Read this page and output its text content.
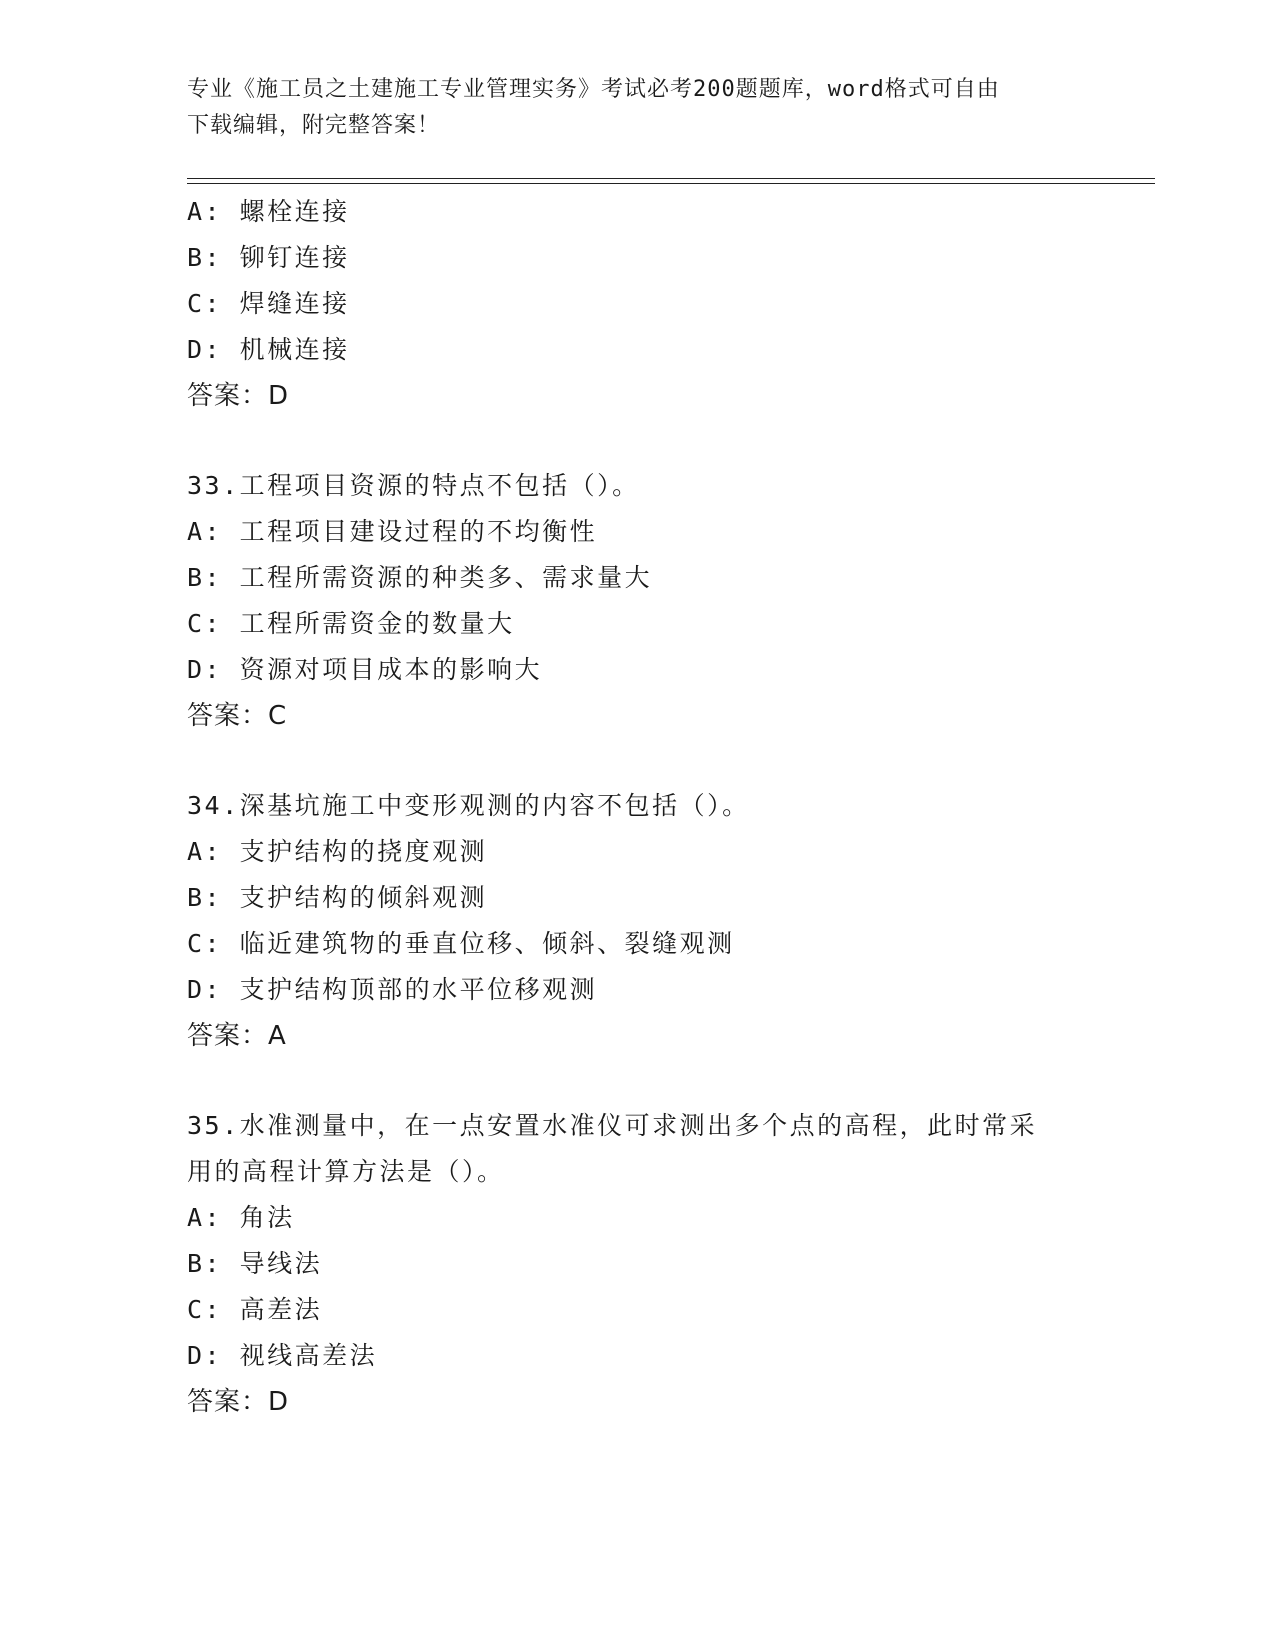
专业《施工员之土建施工专业管理实务》考试必考200题题库，word格式可自由
下载编辑，附完整答案！
A: 螺栓连接
B: 铆钉连接
C: 焊缝连接
D: 机械连接
答案：D
33.工程项目资源的特点不包括（）。
A: 工程项目建设过程的不均衡性
B: 工程所需资源的种类多、需求量大
C: 工程所需资金的数量大
D: 资源对项目成本的影响大
答案：C
34.深基坑施工中变形观测的内容不包括（）。
A: 支护结构的挠度观测
B: 支护结构的倾斜观测
C: 临近建筑物的垂直位移、倾斜、裂缝观测
D: 支护结构顶部的水平位移观测
答案：A
35.水准测量中，在一点安置水准仪可求测出多个点的高程，此时常采
用的高程计算方法是（）。
A: 角法
B: 导线法
C: 高差法
D: 视线高差法
答案：D
